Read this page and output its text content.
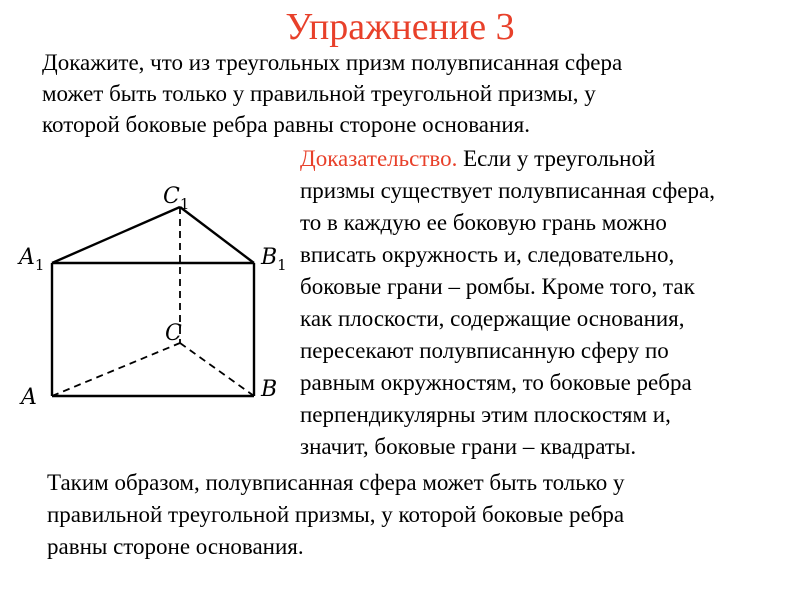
Упражнение 3

Докажите, что из треугольных призм полувписанная сфера

может быть только у правильной треугольной призмы, у

которой боковые ребра равны стороне основания.

C1
A1	B1
C
A	B

Доказательство. Если у треугольной

призмы существует полувписанная сфера,

то в каждую ее боковую грань можно

вписать окружность и, следовательно,

боковые грани – ромбы. Кроме того, так

как плоскости, содержащие основания,

пересекают полувписанную сферу по

равным окружностям, то боковые ребра

перпендикулярны этим плоскостям и,

значит, боковые грани – квадраты.

Таким образом, полувписанная сфера может быть только у

правильной треугольной призмы, у которой боковые ребра

равны стороне основания.
